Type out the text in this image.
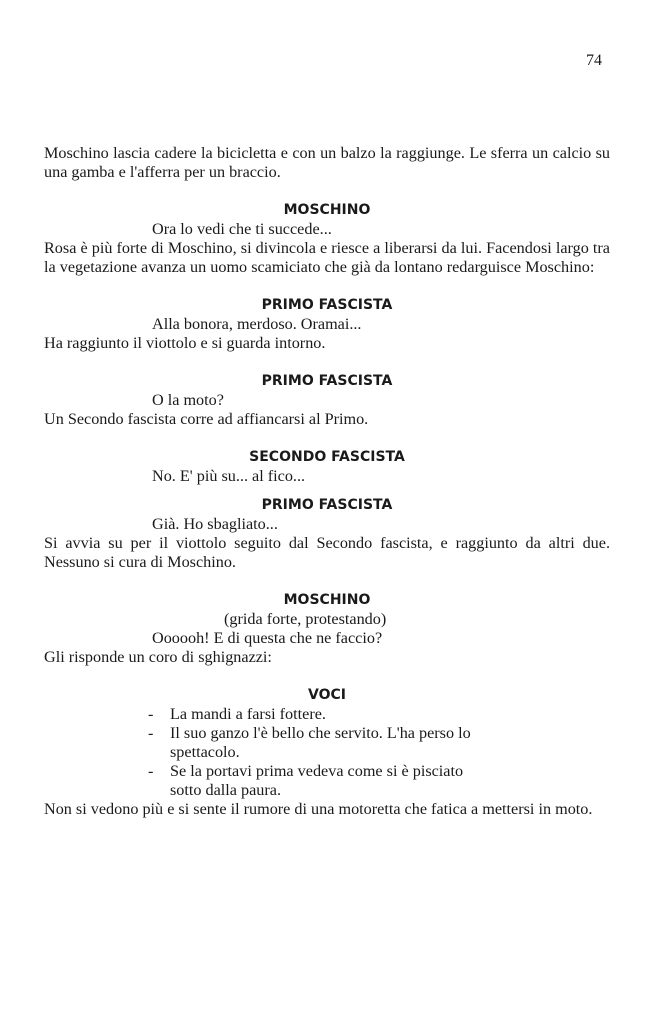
74

Moschino lascia cadere la bicicletta e con un balzo la raggiunge. Le sferra un calcio su una gamba e l'afferra per un braccio.

MOSCHINO

Ora lo vedi che ti succede...

Rosa è più forte di Moschino, si divincola e riesce a liberarsi da lui. Facendosi largo tra la vegetazione avanza un uomo scamiciato che già da lontano redarguisce Moschino:

PRIMO FASCISTA

Alla bonora, merdoso. Oramai...

Ha raggiunto il viottolo e si guarda intorno.

PRIMO FASCISTA

O la moto?

Un Secondo fascista corre ad affiancarsi al Primo.

SECONDO FASCISTA

No. E' più su... al fico...

PRIMO FASCISTA

Già. Ho sbagliato...

Si avvia su per il viottolo seguito dal Secondo fascista, e raggiunto da altri due. Nessuno si cura di Moschino.

MOSCHINO

(grida forte, protestando)

Oooooh! E di questa che ne faccio?

Gli risponde un coro di sghignazzi:

VOCI

- La mandi a farsi fottere.
- Il suo ganzo l'è bello che servito. L'ha perso lo spettacolo.
- Se la portavi prima vedeva come si è pisciato sotto dalla paura.

Non si vedono più e si sente il rumore di una motoretta che fatica a mettersi in moto.
